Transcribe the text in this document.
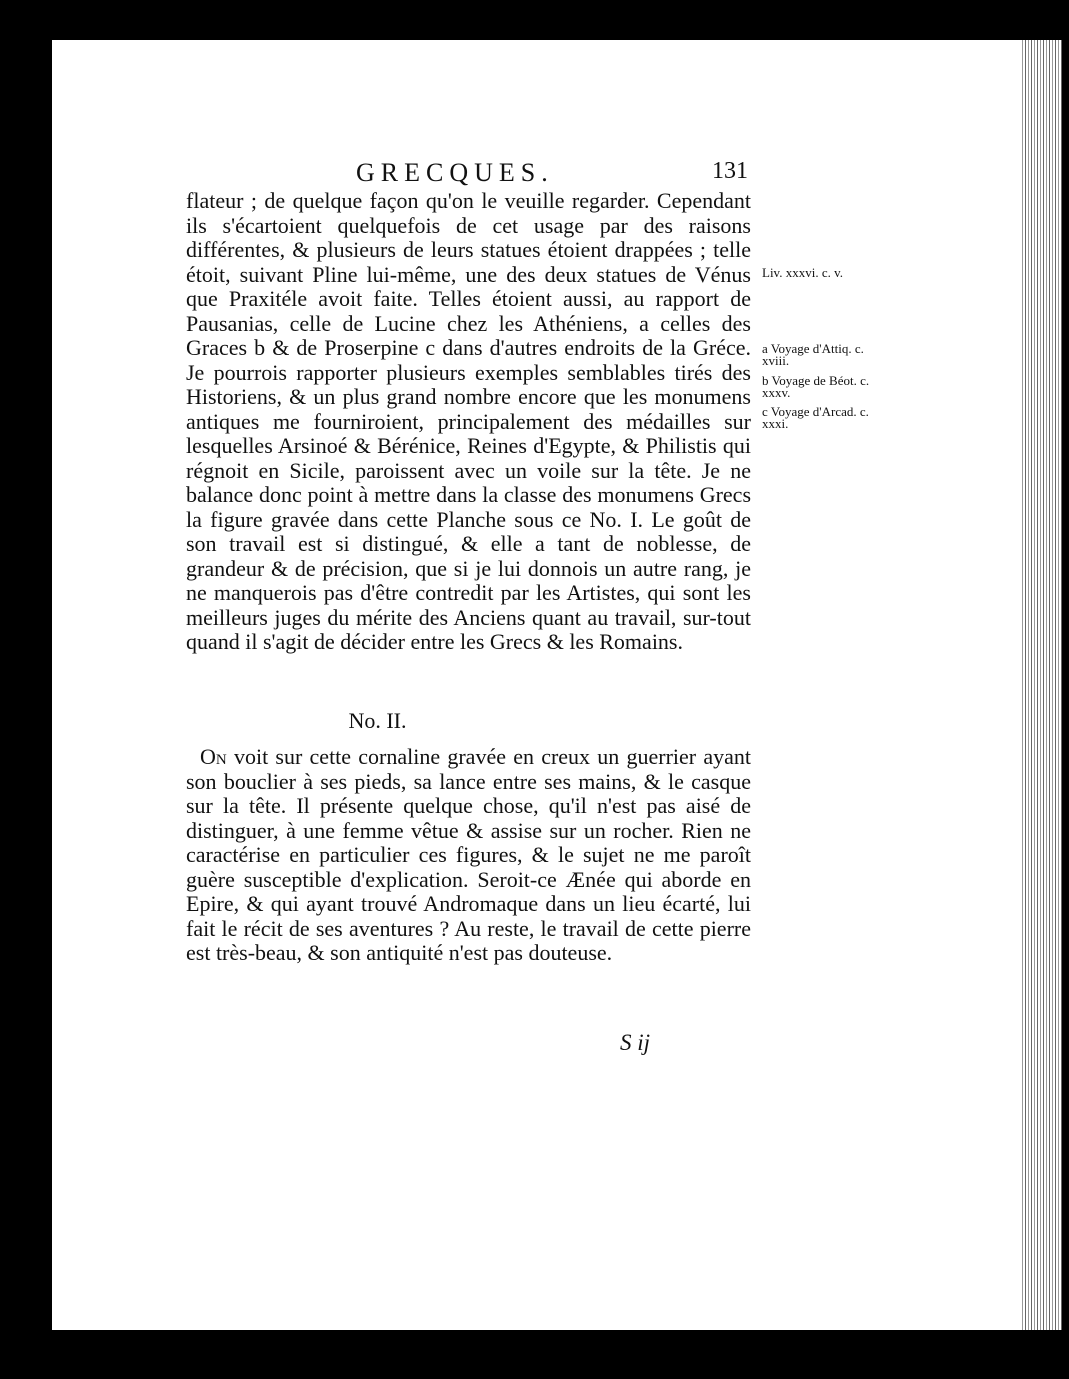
GRECQUES.	131

flateur ; de quelque façon qu'on le veuille regarder. Cependant ils s'écartoient quelquefois de cet usage par des raisons différentes, & plusieurs de leurs statues étoient drappées ; telle étoit, suivant Pline lui-même, une des deux statues de Vénus que Praxitéle avoit faite. Telles étoient aussi, au rapport de Pausanias, celle de Lucine chez les Athéniens, a celles des Graces b & de Proserpine c dans d'autres endroits de la Gréce. Je pourrois rapporter plusieurs exemples semblables tirés des Historiens, & un plus grand nombre encore que les monumens antiques me fourniroient, principalement des médailles sur lesquelles Arsinoé & Bérénice, Reines d'Egypte, & Philistis qui régnoit en Sicile, paroissent avec un voile sur la tête. Je ne balance donc point à mettre dans la classe des monumens Grecs la figure gravée dans cette Planche sous ce No. I. Le goût de son travail est si distingué, & elle a tant de noblesse, de grandeur & de précision, que si je lui donnois un autre rang, je ne manquerois pas d'être contredit par les Artistes, qui sont les meilleurs juges du mérite des Anciens quant au travail, sur-tout quand il s'agit de décider entre les Grecs & les Romains.

No. II.

On voit sur cette cornaline gravée en creux un guerrier ayant son bouclier à ses pieds, sa lance entre ses mains, & le casque sur la tête. Il présente quelque chose, qu'il n'est pas aisé de distinguer, à une femme vêtue & assise sur un rocher. Rien ne caractérise en particulier ces figures, & le sujet ne me paroît guère susceptible d'explication. Seroit-ce Ænée qui aborde en Epire, & qui ayant trouvé Andromaque dans un lieu écarté, lui fait le récit de ses aventures ? Au reste, le travail de cette pierre est très-beau, & son antiquité n'est pas douteuse.

Liv. xxxvi. c. v.
a Voyage d'Attiq. c. xviii.
b Voyage de Béot. c. xxxv.
c Voyage d'Arcad. c. xxxi.
S ij
